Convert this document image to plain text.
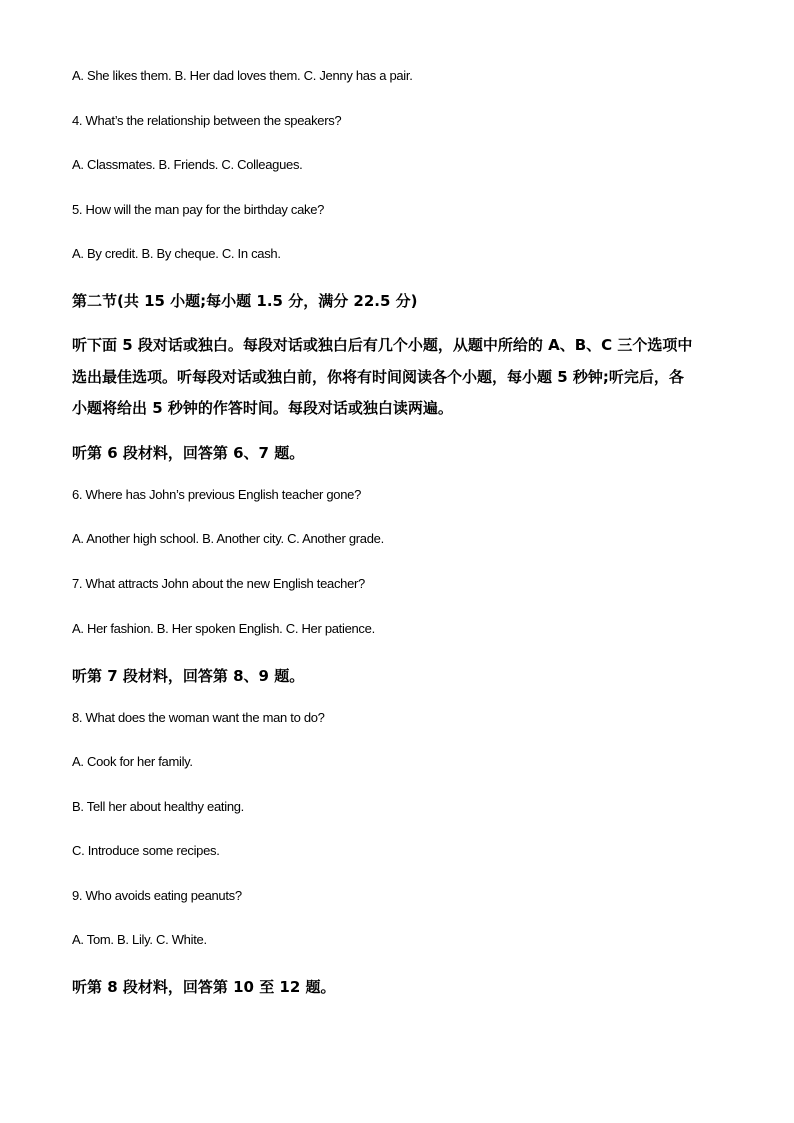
A. She likes them. B. Her dad loves them. C. Jenny has a pair.

4. What’s the relationship between the speakers?

A. Classmates. B. Friends. C. Colleagues.

5. How will the man pay for the birthday cake?

A. By credit. B. By cheque. C. In cash.

第二节(共 15 小题;每小题 1.5 分，满分 22.5 分)

听下面 5 段对话或独白。每段对话或独白后有几个小题，从题中所给的 A、B、C 三个选项中

选出最佳选项。听每段对话或独白前，你将有时间阅读各个小题，每小题 5 秒钟;听完后，各

小题将给出 5 秒钟的作答时间。每段对话或独白读两遍。

听第 6 段材料，回答第 6、7 题。

6. Where has John’s previous English teacher gone?

A. Another high school. B. Another city. C. Another grade.

7. What attracts John about the new English teacher?

A. Her fashion. B. Her spoken English. C. Her patience.

听第 7 段材料，回答第 8、9 题。

8. What does the woman want the man to do?

A. Cook for her family.

B. Tell her about healthy eating.

C. Introduce some recipes.

9. Who avoids eating peanuts?

A. Tom. B. Lily. C. White.

听第 8 段材料，回答第 10 至 12 题。
